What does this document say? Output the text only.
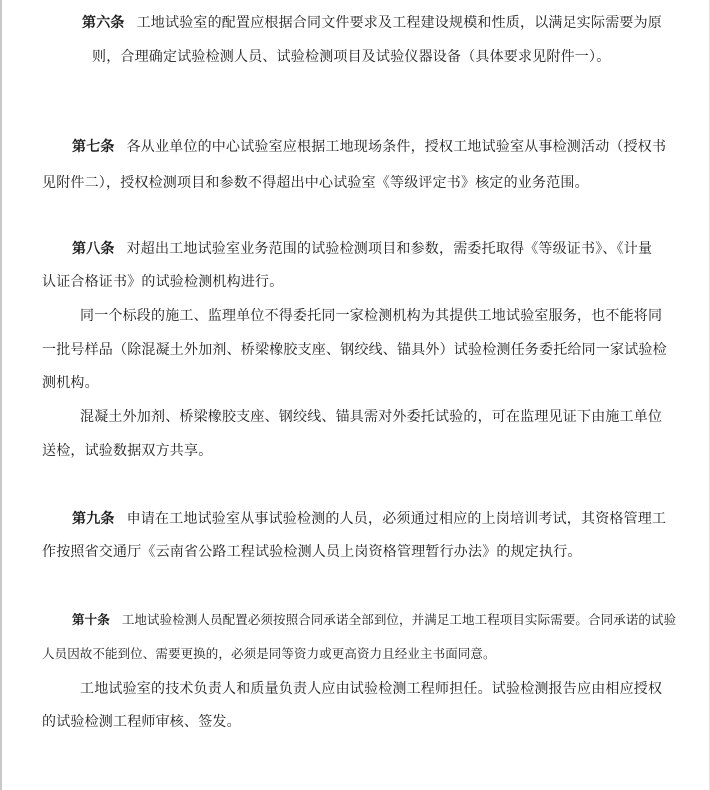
第六条 工地试验室的配置应根据合同文件要求及工程建设规模和性质，以满足实际需要为原
则，合理确定试验检测人员、试验检测项目及试验仪器设备（具体要求见附件一）。
第七条 各从业单位的中心试验室应根据工地现场条件，授权工地试验室从事检测活动（授权书
见附件二），授权检测项目和参数不得超出中心试验室《等级评定书》核定的业务范围。
第八条 对超出工地试验室业务范围的试验检测项目和参数，需委托取得《等级证书》、《计量
认证合格证书》的试验检测机构进行。
同一个标段的施工、监理单位不得委托同一家检测机构为其提供工地试验室服务，也不能将同
一批号样品（除混凝土外加剂、桥梁橡胶支座、钢绞线、锚具外）试验检测任务委托给同一家试验检
测机构。
混凝土外加剂、桥梁橡胶支座、钢绞线、锚具需对外委托试验的，可在监理见证下由施工单位
送检，试验数据双方共享。
第九条 申请在工地试验室从事试验检测的人员，必须通过相应的上岗培训考试，其资格管理工
作按照省交通厅《云南省公路工程试验检测人员上岗资格管理暂行办法》的规定执行。
第十条 工地试验检测人员配置必须按照合同承诺全部到位，并满足工地工程项目实际需要。合同承诺的试验
人员因故不能到位、需要更换的，必须是同等资力或更高资力且经业主书面同意。
工地试验室的技术负责人和质量负责人应由试验检测工程师担任。试验检测报告应由相应授权
的试验检测工程师审核、签发。
